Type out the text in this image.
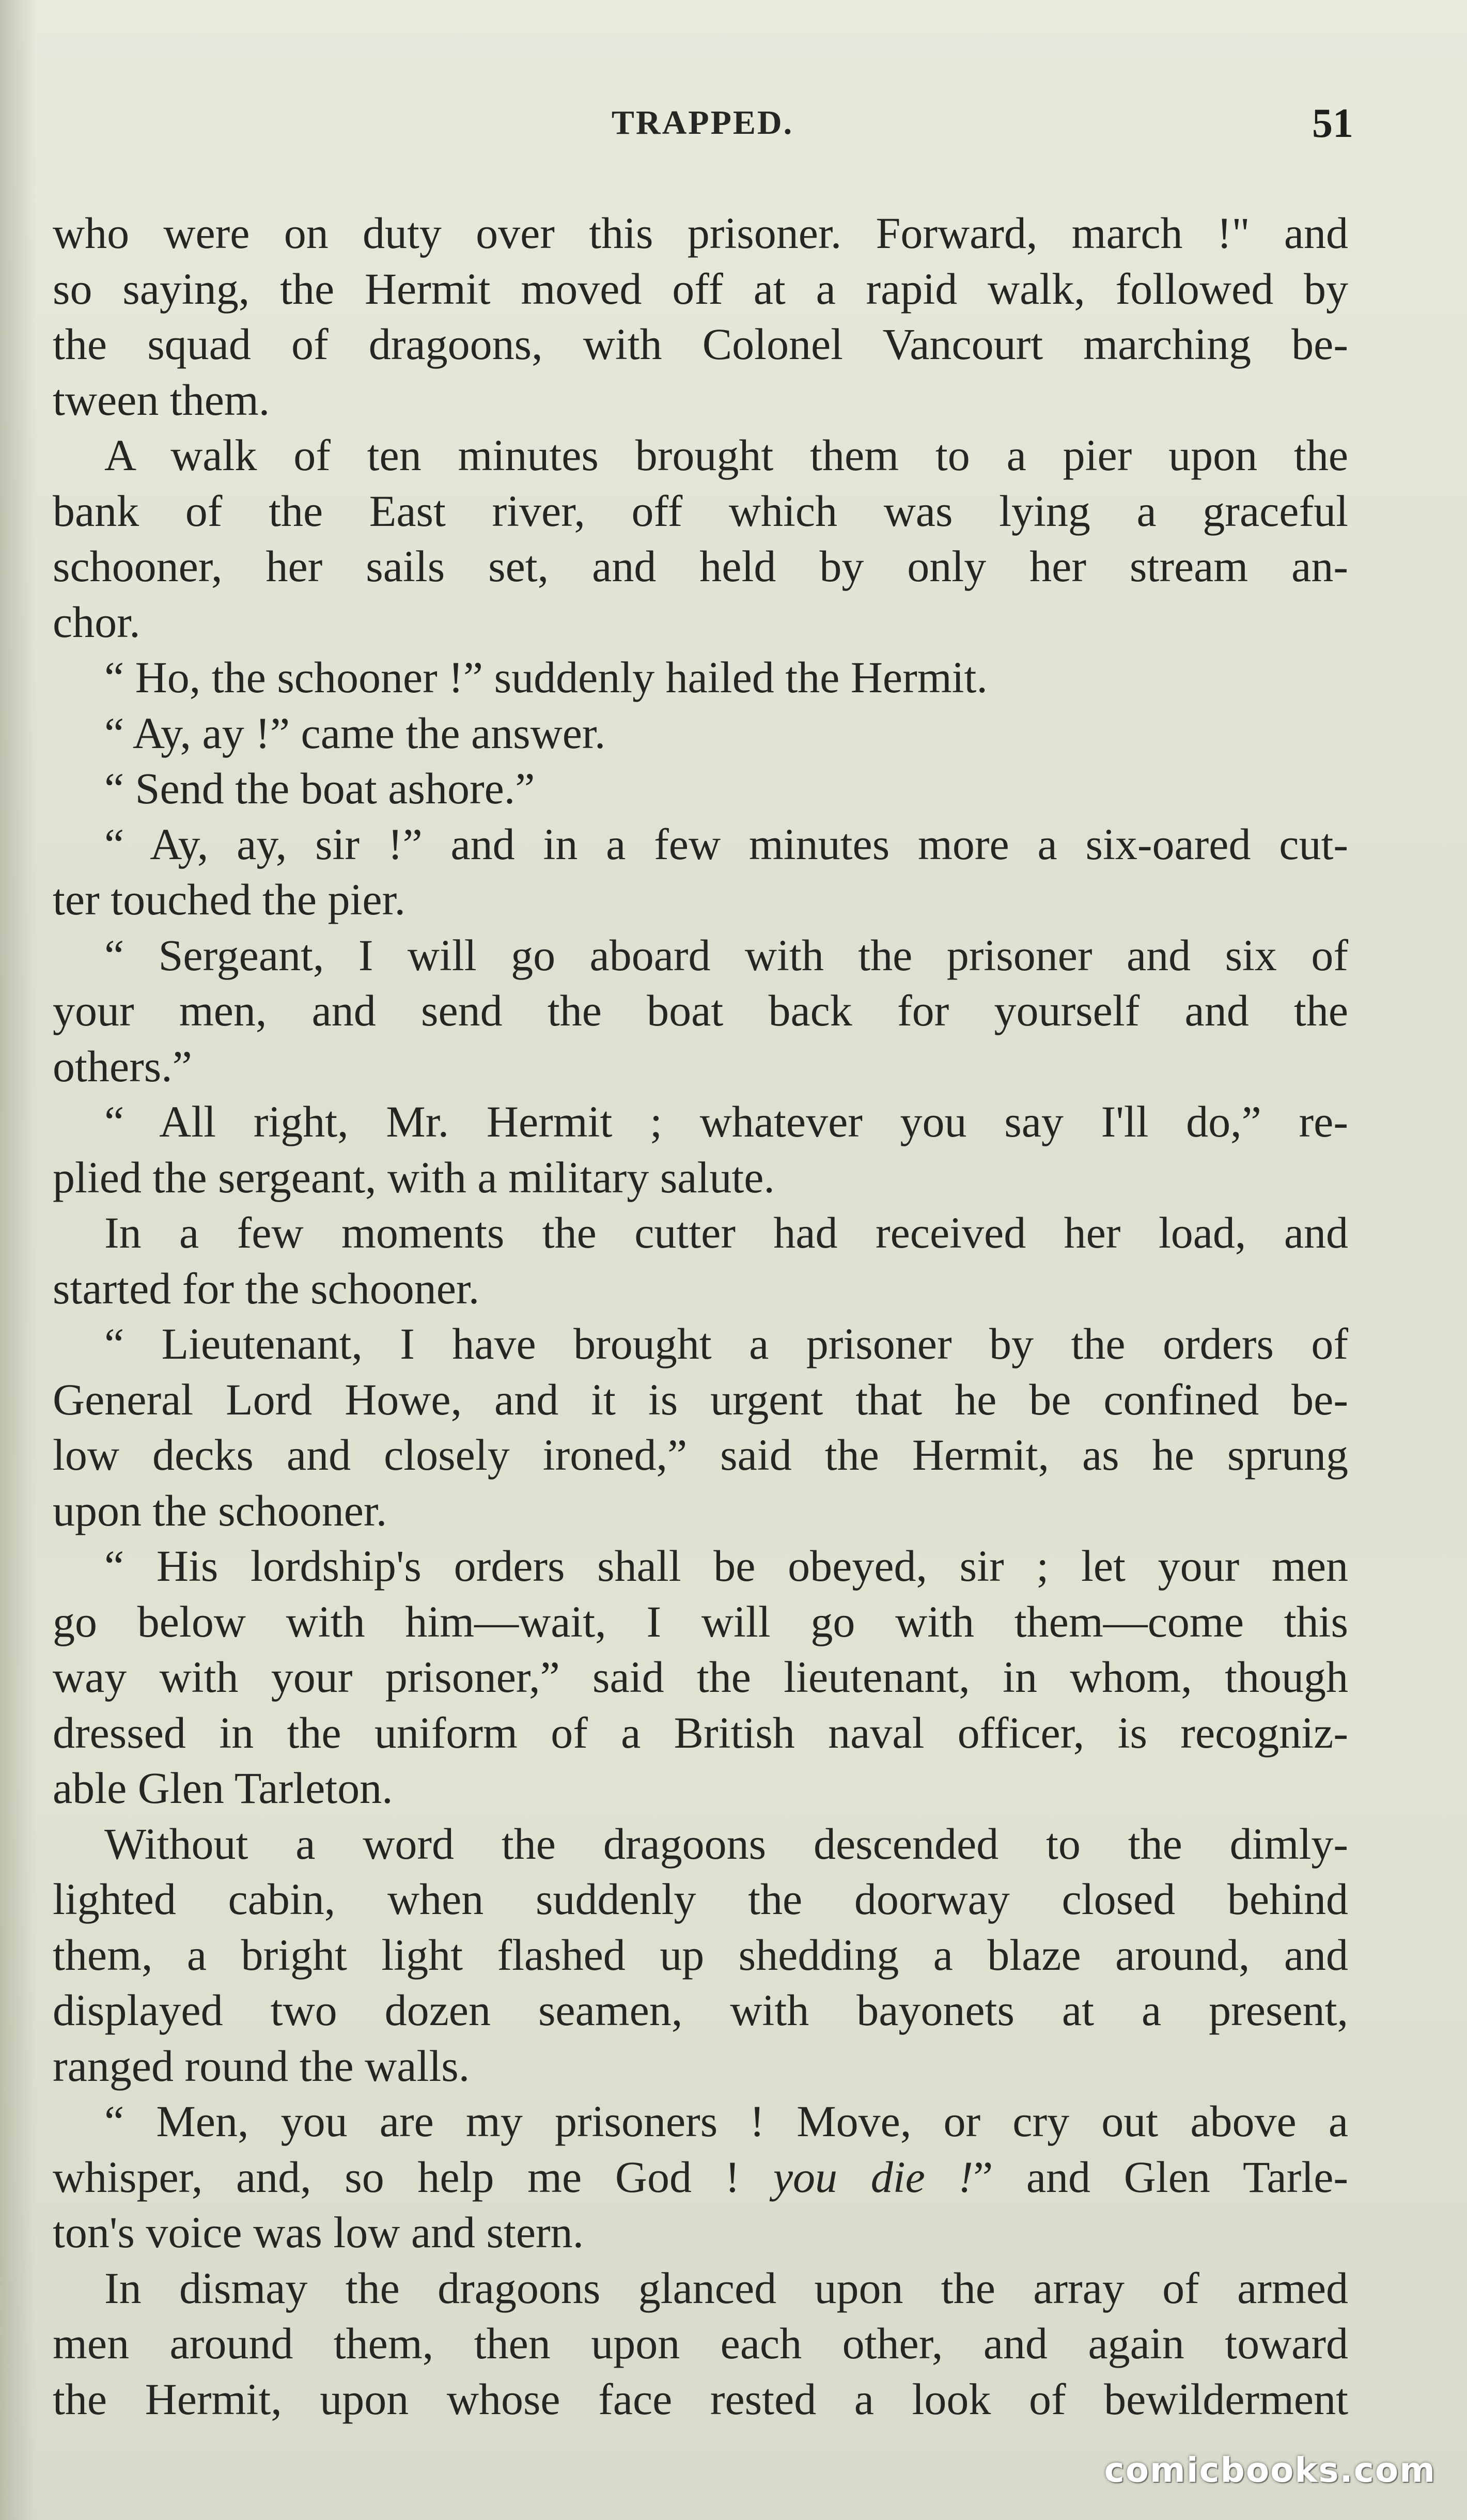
TRAPPED.	51
who were on duty over this prisoner. Forward, march !" and
so saying, the Hermit moved off at a rapid walk, followed by
the squad of dragoons, with Colonel Vancourt marching be-
tween them.
A walk of ten minutes brought them to a pier upon the
bank of the East river, off which was lying a graceful
schooner, her sails set, and held by only her stream an-
chor.
“ Ho, the schooner !” suddenly hailed the Hermit.
“ Ay, ay !” came the answer.
“ Send the boat ashore.”
“ Ay, ay, sir !” and in a few minutes more a six-oared cut-
ter touched the pier.
“ Sergeant, I will go aboard with the prisoner and six of
your men, and send the boat back for yourself and the
others.”
“ All right, Mr. Hermit ; whatever you say I'll do,” re-
plied the sergeant, with a military salute.
In a few moments the cutter had received her load, and
started for the schooner.
“ Lieutenant, I have brought a prisoner by the orders of
General Lord Howe, and it is urgent that he be confined be-
low decks and closely ironed,” said the Hermit, as he sprung
upon the schooner.
“ His lordship's orders shall be obeyed, sir ; let your men
go below with him—wait, I will go with them—come this
way with your prisoner,” said the lieutenant, in whom, though
dressed in the uniform of a British naval officer, is recogniz-
able Glen Tarleton.
Without a word the dragoons descended to the dimly-
lighted cabin, when suddenly the doorway closed behind
them, a bright light flashed up shedding a blaze around, and
displayed two dozen seamen, with bayonets at a present,
ranged round the walls.
“ Men, you are my prisoners ! Move, or cry out above a
whisper, and, so help me God ! you die !” and Glen Tarle-
ton's voice was low and stern.
In dismay the dragoons glanced upon the array of armed
men around them, then upon each other, and again toward
the Hermit, upon whose face rested a look of bewilderment
comicbooks.com
